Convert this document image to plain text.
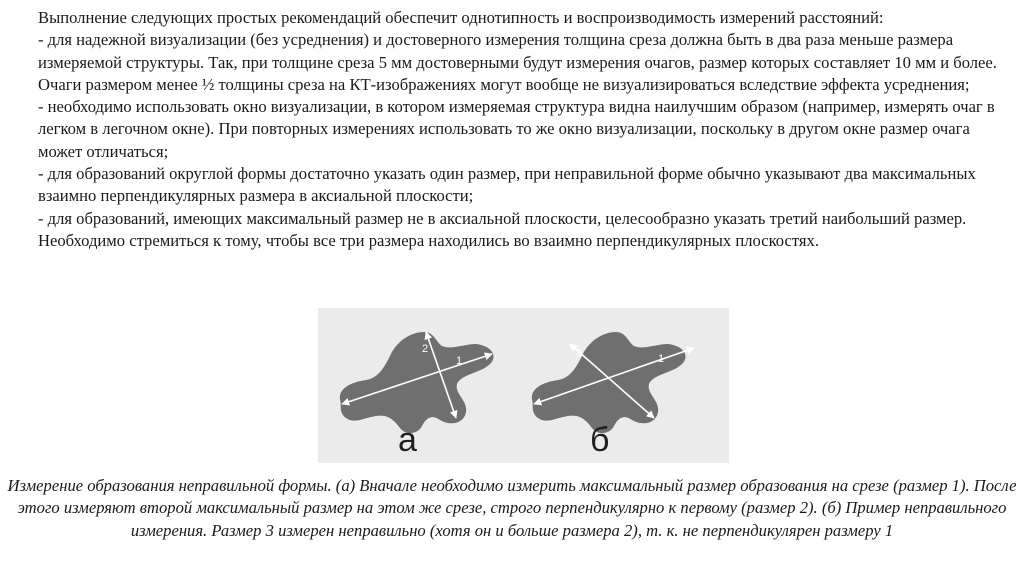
Выполнение следующих простых рекомендаций обеспечит однотипность и воспроизводимость измерений расстояний:

- для надежной визуализации (без усреднения) и достоверного измерения толщина среза должна быть в два раза меньше размера измеряемой структуры. Так, при толщине среза 5 мм достоверными будут измерения очагов, размер которых составляет 10 мм и более. Очаги размером менее ½ толщины среза на КТ-изображениях могут вообще не визуализироваться вследствие эффекта усреднения;

- необходимо использовать окно визуализации, в котором измеряемая структура видна наилучшим образом (например, измерять очаг в легком в легочном окне). При повторных измерениях использовать то же окно визуализации, поскольку в другом окне размер очага может отличаться;

- для образований округлой формы достаточно указать один размер, при неправильной форме обычно указывают два максимальных взаимно перпендикулярных размера в аксиальной плоскости;

- для образований, имеющих максимальный размер не в аксиальной плоскости, целесообразно указать третий наибольший размер. Необходимо стремиться к тому, чтобы все три размера находились во взаимно перпендикулярных плоскостях.

1
2
а
1
3
б

Измерение образования неправильной формы. (а) Вначале необходимо измерить максимальный размер образования на срезе (размер 1). После этого измеряют второй максимальный размер на этом же срезе, строго перпендикулярно к первому (размер 2). (б) Пример неправильного измерения. Размер 3 измерен неправильно (хотя он и больше размера 2), т. к. не перпендикулярен размеру 1
